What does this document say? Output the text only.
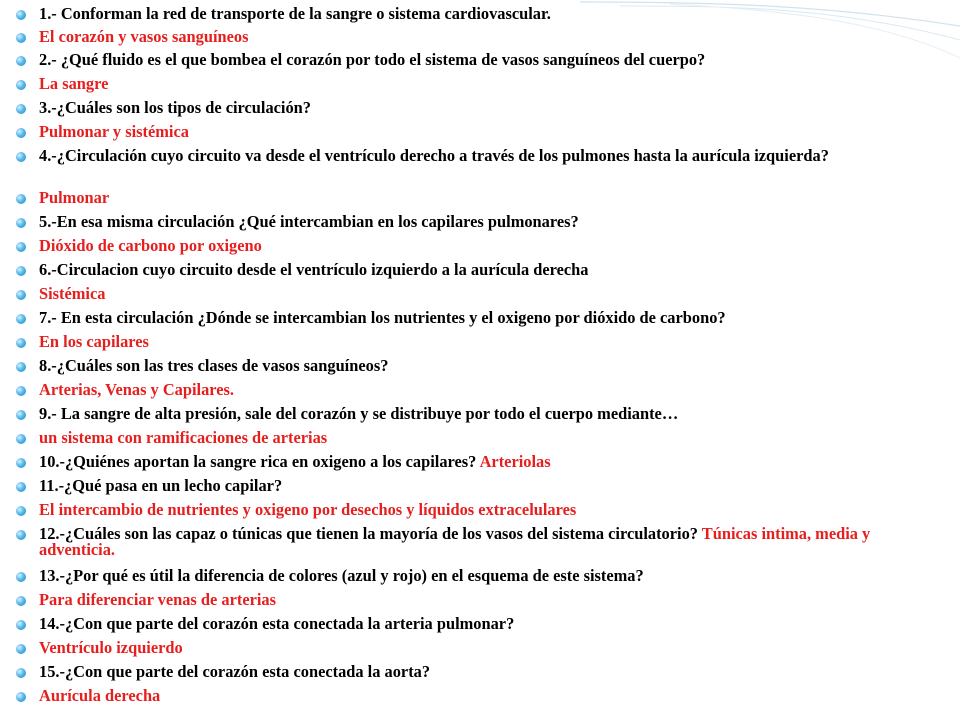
1.- Conforman la red de transporte de la sangre o sistema cardiovascular.
El corazón y vasos sanguíneos
2.- ¿Qué fluido es el que bombea el corazón por todo el sistema de vasos sanguíneos del cuerpo?
La sangre
3.-¿Cuáles son los tipos de circulación?
Pulmonar y sistémica
4.-¿Circulación cuyo circuito va desde el ventrículo derecho a través de los pulmones hasta la aurícula izquierda?
Pulmonar
5.-En esa misma circulación ¿Qué intercambian en los capilares pulmonares?
Dióxido de carbono por oxigeno
6.-Circulacion cuyo circuito desde el ventrículo izquierdo a la aurícula derecha
Sistémica
7.- En esta circulación ¿Dónde se intercambian los nutrientes y el oxigeno por dióxido de carbono?
En los capilares
8.-¿Cuáles son las tres clases de vasos sanguíneos?
Arterias, Venas y Capilares.
9.- La sangre de alta presión, sale del corazón y se distribuye por todo el cuerpo mediante…
un sistema con ramificaciones de arterias
10.-¿Quiénes aportan la sangre rica en oxigeno a los capilares? Arteriolas
11.-¿Qué pasa en un lecho capilar?
El intercambio de nutrientes y oxigeno por desechos y líquidos extracelulares
12.-¿Cuáles son las capaz o túnicas que tienen la mayoría de los vasos del sistema circulatorio? Túnicas intima, media y adventicia.
13.-¿Por qué es útil la diferencia de colores (azul y rojo) en el esquema de este sistema?
Para diferenciar venas de arterias
14.-¿Con que parte del corazón esta conectada la arteria pulmonar?
Ventrículo izquierdo
15.-¿Con que parte del corazón esta conectada la aorta?
Aurícula derecha
